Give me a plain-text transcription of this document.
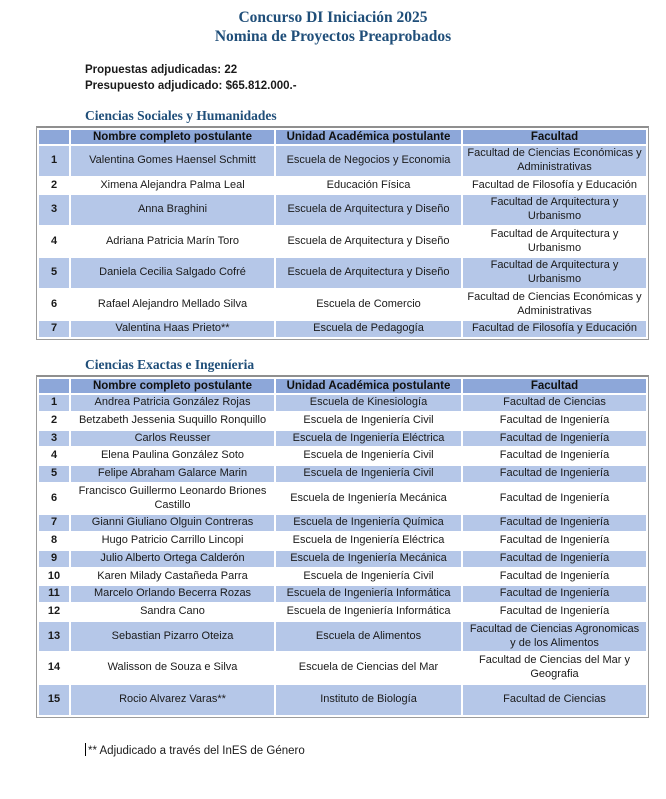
Concurso DI Iniciación 2025
Nomina de Proyectos Preaprobados
Propuestas adjudicadas: 22
Presupuesto adjudicado: $65.812.000.-
Ciencias Sociales y Humanidades
	Nombre completo postulante	Unidad Académica postulante	Facultad
1	Valentina Gomes Haensel Schmitt	Escuela de Negocios y Economia	Facultad de Ciencias Económicas y Administrativas
2	Ximena Alejandra Palma Leal	Educación Física	Facultad de Filosofía y Educación
3	Anna Braghini	Escuela de Arquitectura y Diseño	Facultad de Arquitectura y Urbanismo
4	Adriana Patricia Marín Toro	Escuela de Arquitectura y Diseño	Facultad de Arquitectura y Urbanismo
5	Daniela Cecilia Salgado Cofré	Escuela de Arquitectura y Diseño	Facultad de Arquitectura y Urbanismo
6	Rafael Alejandro Mellado Silva	Escuela de Comercio	Facultad de Ciencias Económicas y Administrativas
7	Valentina Haas Prieto**	Escuela de Pedagogía	Facultad de Filosofía y Educación
Ciencias Exactas e Ingeníeria
	Nombre completo postulante	Unidad Académica postulante	Facultad
1	Andrea Patricia González Rojas	Escuela de Kinesiología	Facultad de Ciencias
2	Betzabeth Jessenia Suquillo Ronquillo	Escuela de Ingeniería Civil	Facultad de Ingeniería
3	Carlos Reusser	Escuela de Ingeniería Eléctrica	Facultad de Ingeniería
4	Elena Paulina González Soto	Escuela de Ingeniería Civil	Facultad de Ingeniería
5	Felipe Abraham Galarce Marin	Escuela de Ingeniería Civil	Facultad de Ingeniería
6	Francisco Guillermo Leonardo Briones Castillo	Escuela de Ingeniería Mecánica	Facultad de Ingeniería
7	Gianni Giuliano Olguin Contreras	Escuela de Ingeniería Química	Facultad de Ingeniería
8	Hugo Patricio Carrillo Lincopi	Escuela de Ingeniería Eléctrica	Facultad de Ingeniería
9	Julio Alberto Ortega Calderón	Escuela de Ingeniería Mecánica	Facultad de Ingeniería
10	Karen Milady Castañeda Parra	Escuela de Ingeniería Civil	Facultad de Ingeniería
11	Marcelo Orlando Becerra Rozas	Escuela de Ingeniería Informática	Facultad de Ingeniería
12	Sandra Cano	Escuela de Ingeniería Informática	Facultad de Ingeniería
13	Sebastian Pizarro Oteiza	Escuela de Alimentos	Facultad de Ciencias Agronomicas y de los Alimentos
14	Walisson de Souza e Silva	Escuela de Ciencias del Mar	Facultad de Ciencias del Mar y Geografia
15	Rocio Alvarez Varas**	Instituto de Biología	Facultad de Ciencias
** Adjudicado a través del InES de Género
